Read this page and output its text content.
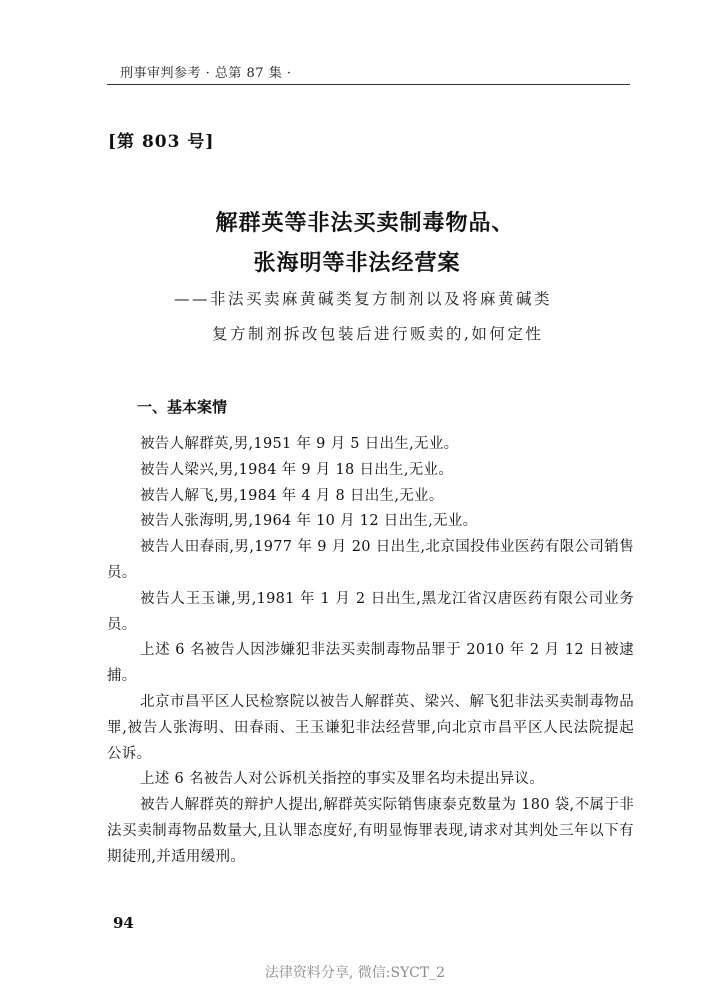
刑事审判参考 · 总第 87 集 ·
[第 803 号]
解群英等非法买卖制毒物品、
张海明等非法经营案
——非法买卖麻黄碱类复方制剂以及将麻黄碱类
复方制剂拆改包装后进行贩卖的,如何定性
一、基本案情

被告人解群英,男,1951 年 9 月 5 日出生,无业。

被告人梁兴,男,1984 年 9 月 18 日出生,无业。

被告人解飞,男,1984 年 4 月 8 日出生,无业。

被告人张海明,男,1964 年 10 月 12 日出生,无业。

被告人田春雨,男,1977 年 9 月 20 日出生,北京国投伟业医药有限公司销售员。

被告人王玉谦,男,1981 年 1 月 2 日出生,黑龙江省汉唐医药有限公司业务员。

上述 6 名被告人因涉嫌犯非法买卖制毒物品罪于 2010 年 2 月 12 日被逮捕。

北京市昌平区人民检察院以被告人解群英、梁兴、解飞犯非法买卖制毒物品罪,被告人张海明、田春雨、王玉谦犯非法经营罪,向北京市昌平区人民法院提起公诉。

上述 6 名被告人对公诉机关指控的事实及罪名均未提出异议。

被告人解群英的辩护人提出,解群英实际销售康泰克数量为 180 袋,不属于非法买卖制毒物品数量大,且认罪态度好,有明显悔罪表现,请求对其判处三年以下有期徒刑,并适用缓刑。

94
法律资料分享, 微信:SYCT_2
